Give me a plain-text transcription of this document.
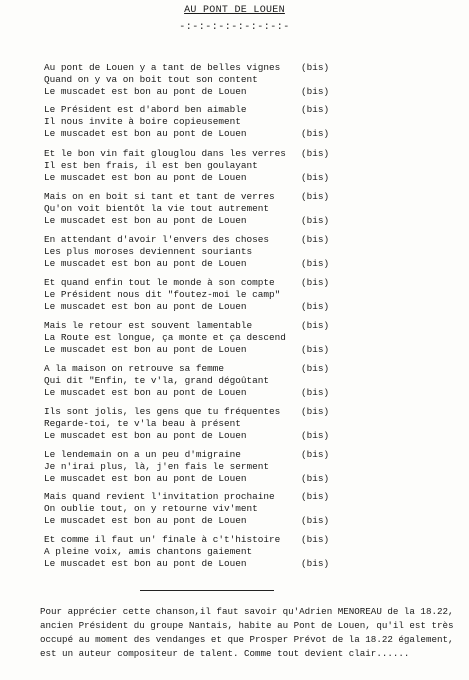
AU PONT DE LOUEN
-:-:-:-:-:-:-:-:-
Au pont de Louen y a tant de belles vignes (bis)
Quand on y va on boit tout son content
Le muscadet est bon au pont de Louen	(bis)
Le Président est d'abord ben aimable	(bis)
Il nous invite à boire copieusement
Le muscadet est bon au pont de Louen	(bis)
Et le bon vin fait glouglou dans les verres (bis)
Il est ben frais, il est ben goulayant
Le muscadet est bon au pont de Louen	(bis)
Mais on en boit si tant et tant de verres	(bis)
Qu'on voit bientôt la vie tout autrement
Le muscadet est bon au pont de Louen	(bis)
En attendant d'avoir l'envers des choses	(bis)
Les plus moroses deviennent souriants
Le muscadet est bon au pont de Louen	(bis)
Et quand enfin tout le monde à son compte	(bis)
Le Président nous dit "foutez-moi le camp"
Le muscadet est bon au pont de Louen	(bis)
Mais le retour est souvent lamentable	(bis)
La Route est longue, ça monte et ça descend
Le muscadet est bon au pont de Louen	(bis)
A la maison on retrouve sa femme	(bis)
Qui dit "Enfin, te v'la, grand dégoûtant
Le muscadet est bon au pont de Louen	(bis)
Ils sont jolis, les gens que tu fréquentes (bis)
Regarde-toi, te v'la beau à présent
Le muscadet est bon au pont de Louen	(bis)
Le lendemain on a un peu d'migraine	(bis)
Je n'irai plus, là, j'en fais le serment
Le muscadet est bon au pont de Louen	(bis)
Mais quand revient l'invitation prochaine	(bis)
On oublie tout, on y retourne viv'ment
Le muscadet est bon au pont de Louen	(bis)
Et comme il faut un' finale à c't'histoire (bis)
A pleine voix, amis chantons gaiement
Le muscadet est bon au pont de Louen	(bis)
Pour apprécier cette chanson,il faut savoir qu'Adrien MENOREAU de la 18.22,
ancien Président du groupe Nantais, habite au Pont de Louen, qu'il est très
occupé au moment des vendanges et que Prosper Prévot de la 18.22 également,
est un auteur compositeur de talent. Comme tout devient clair......
